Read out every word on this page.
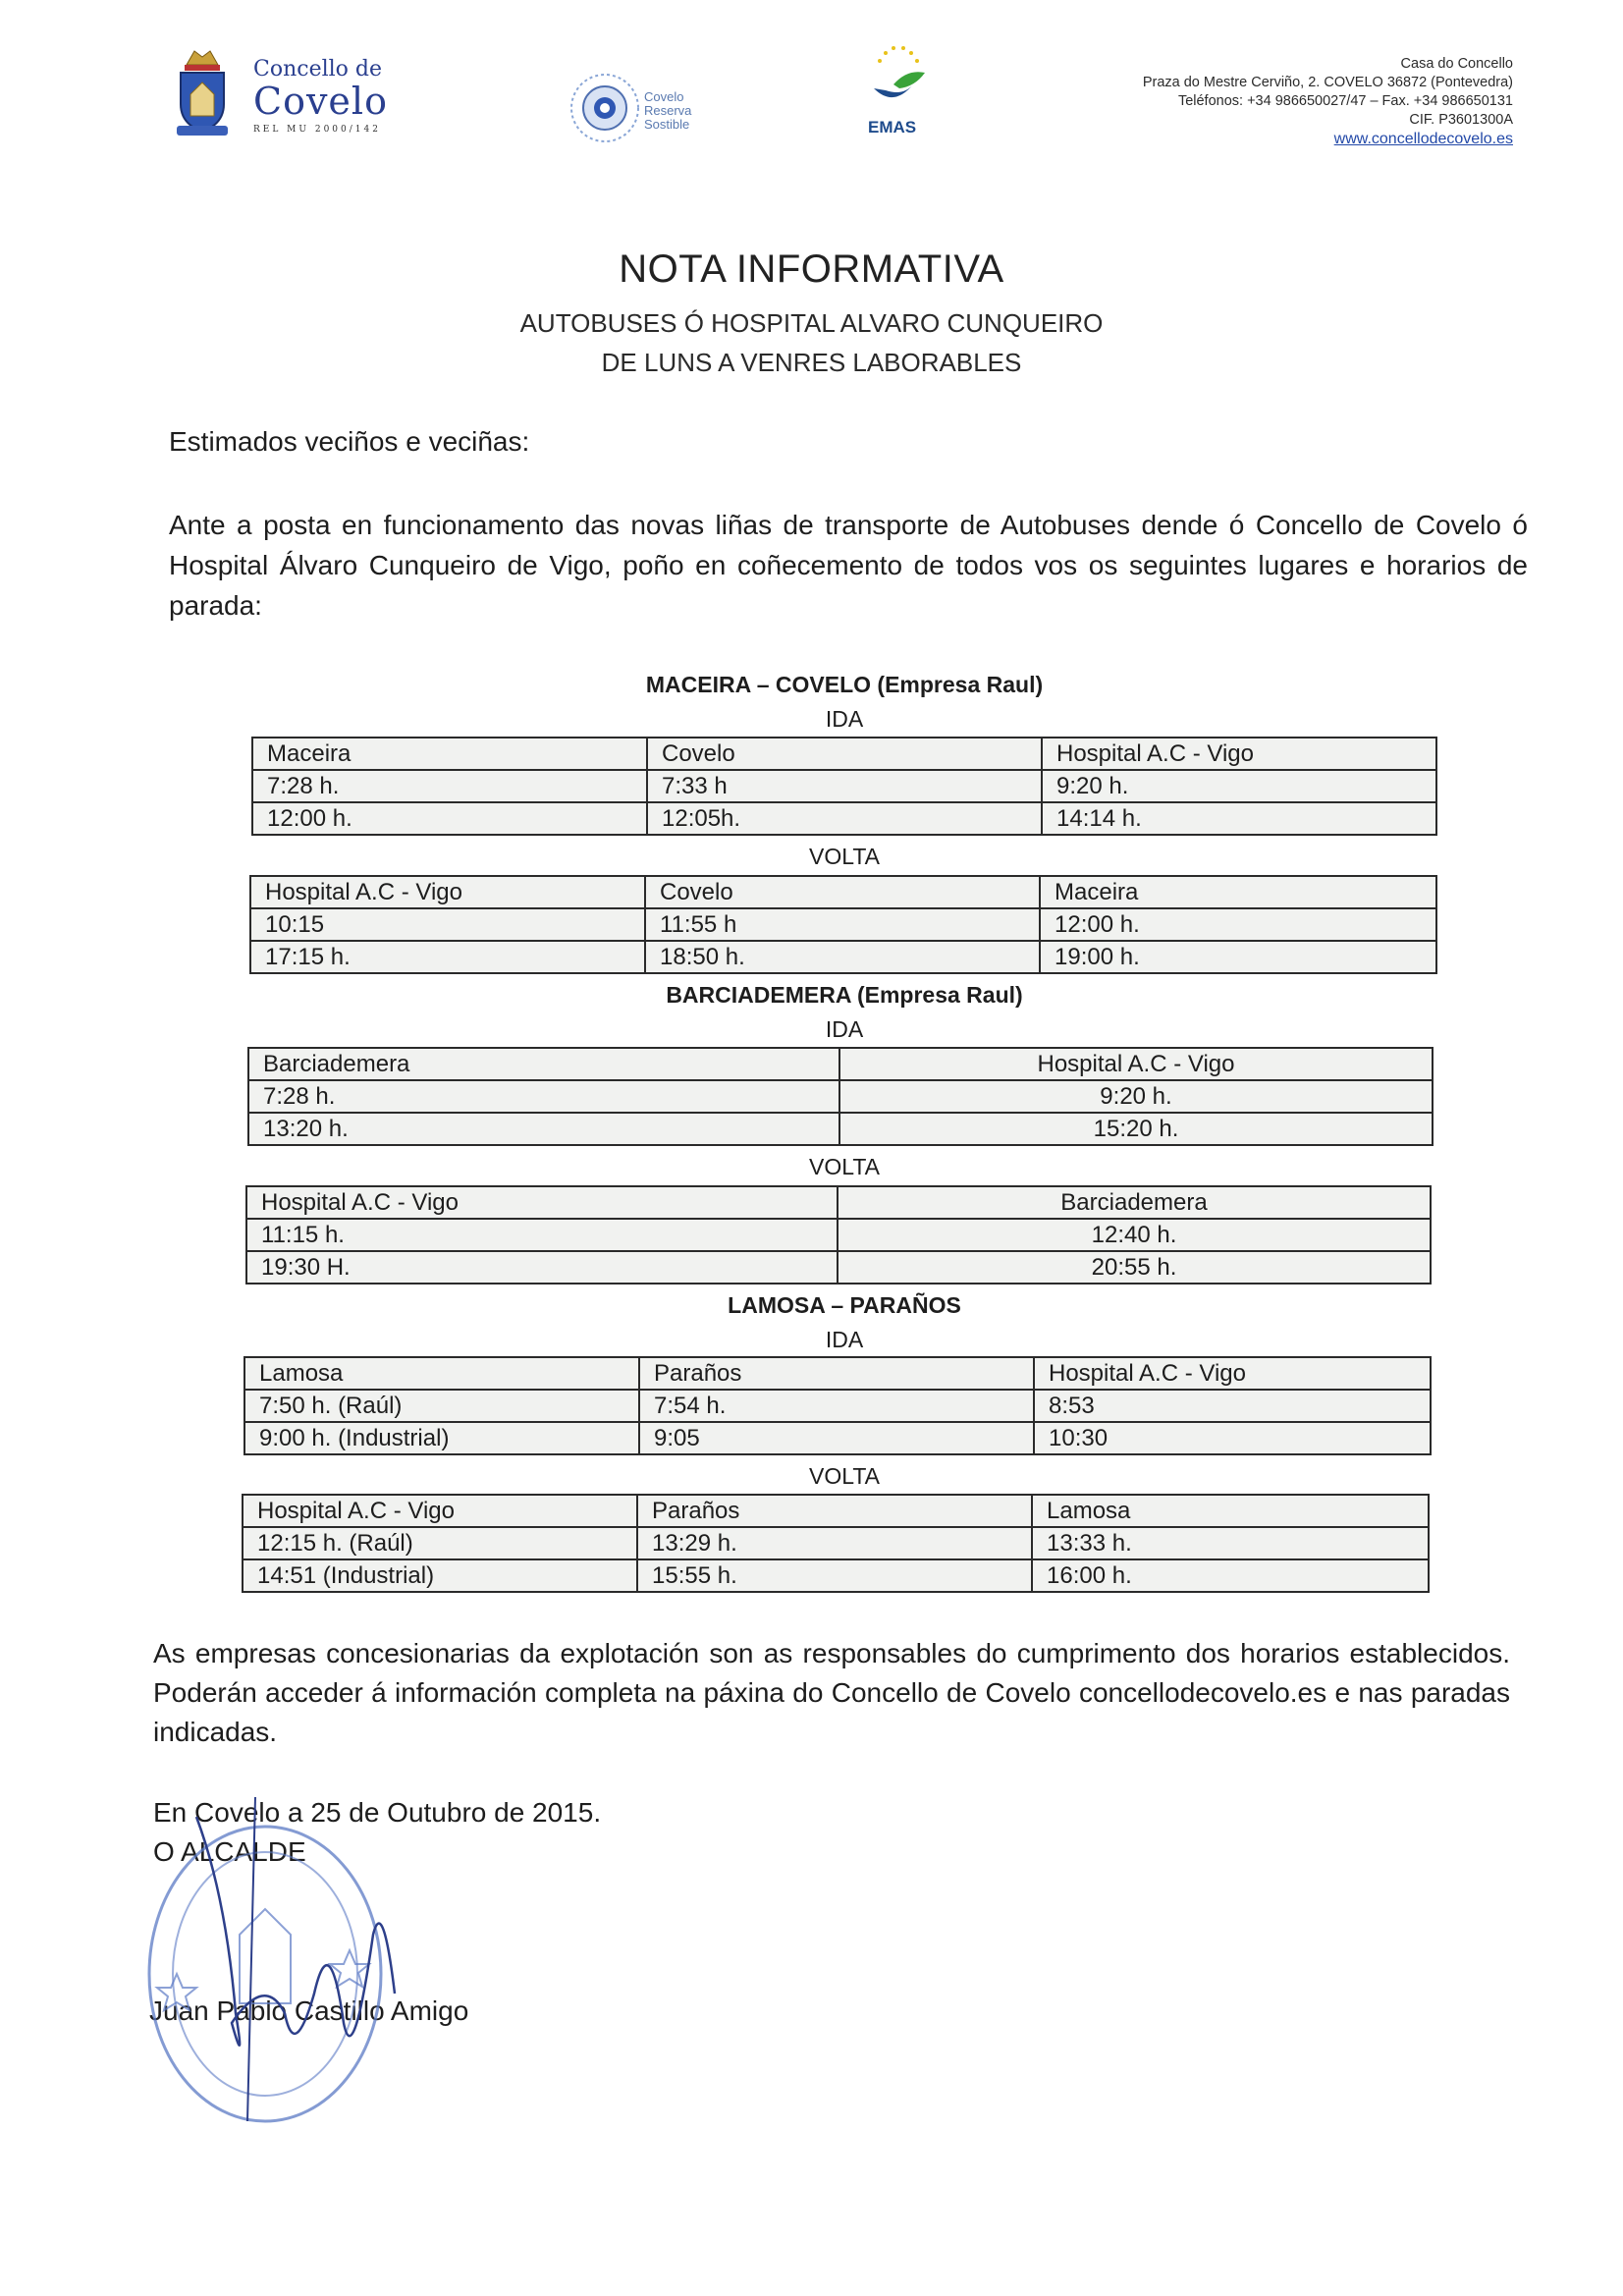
Concello de
Covelo
REL MU 2000/142
Covelo
Reserva
Sostible	EMAS
Casa do Concello
Praza do Mestre Cerviño, 2. COVELO 36872 (Pontevedra)
Teléfonos: +34 986650027/47 – Fax. +34 986650131
CIF. P3601300A
www.concellodecovelo.es
NOTA INFORMATIVA
AUTOBUSES Ó HOSPITAL ALVARO CUNQUEIRO
DE LUNS A VENRES LABORABLES
Estimados veciños e veciñas:
Ante a posta en funcionamento das novas liñas de transporte de Autobuses dende ó Concello de Covelo ó Hospital Álvaro Cunqueiro de Vigo, poño en coñecemento de todos vos os seguintes lugares e horarios de parada:
MACEIRA – COVELO (Empresa Raul)
IDA
Maceira	Covelo	Hospital A.C - Vigo
7:28 h.	7:33 h	9:20 h.
12:00 h.	12:05h.	14:14 h.
VOLTA
Hospital A.C - Vigo	Covelo	Maceira
10:15	11:55 h	12:00 h.
17:15 h.	18:50 h.	19:00 h.
BARCIADEMERA (Empresa Raul)
IDA
Barciademera	Hospital A.C - Vigo
7:28 h.	9:20 h.
13:20 h.	15:20 h.
VOLTA
Hospital A.C - Vigo	Barciademera
11:15 h.	12:40 h.
19:30 H.	20:55 h.
LAMOSA – PARAÑOS
IDA
Lamosa	Paraños	Hospital A.C - Vigo
7:50 h. (Raúl)	7:54 h.	8:53
9:00 h. (Industrial)	9:05	10:30
VOLTA
Hospital A.C - Vigo	Paraños	Lamosa
12:15 h. (Raúl)	13:29 h.	13:33 h.
14:51 (Industrial)	15:55 h.	16:00 h.
As empresas concesionarias da explotación son as responsables do cumprimento dos horarios establecidos. Poderán acceder á información completa na páxina do Concello de Covelo concellodecovelo.es e nas paradas indicadas.
En Covelo a 25 de Outubro de 2015.
O ALCALDE
Juan Pablo Castillo Amigo
